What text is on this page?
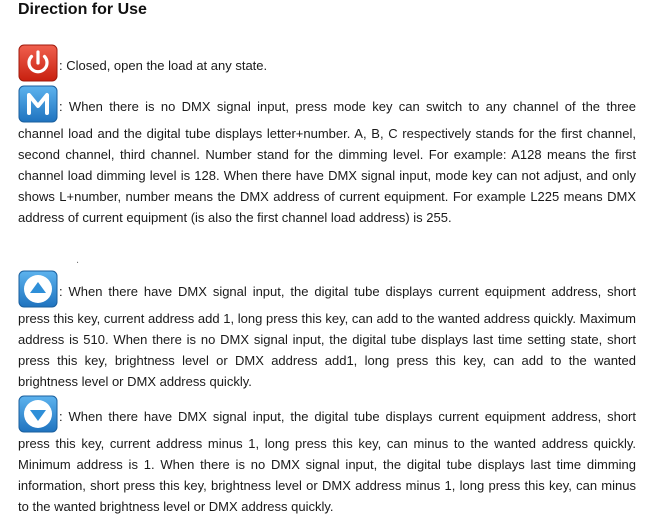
Direction for Use

: Closed, open the load at any state.

: When there is no DMX signal input, press mode key can switch to any channel of the three channel load and the digital tube displays letter+number. A, B, C respectively stands for the first channel, second channel, third channel. Number stand for the dimming level. For example: A128 means the first channel load dimming level is 128. When there have DMX signal input, mode key can not adjust, and only shows L+number, number means the DMX address of current equipment. For example L225 means DMX address of current equipment (is also the first channel load address) is 255.

.

: When there have DMX signal input, the digital tube displays current equipment address, short press this key, current address add 1, long press this key, can add to the wanted address quickly. Maximum address is 510. When there is no DMX signal input, the digital tube displays last time setting state, short press this key, brightness level or DMX address add1, long press this key, can add to the wanted brightness level or DMX address quickly.

: When there have DMX signal input, the digital tube displays current equipment address, short press this key, current address minus 1, long press this key, can minus to the wanted address quickly. Minimum address is 1. When there is no DMX signal input, the digital tube displays last time dimming information, short press this key, brightness level or DMX address minus 1, long press this key, can minus to the wanted brightness level or DMX address quickly.
